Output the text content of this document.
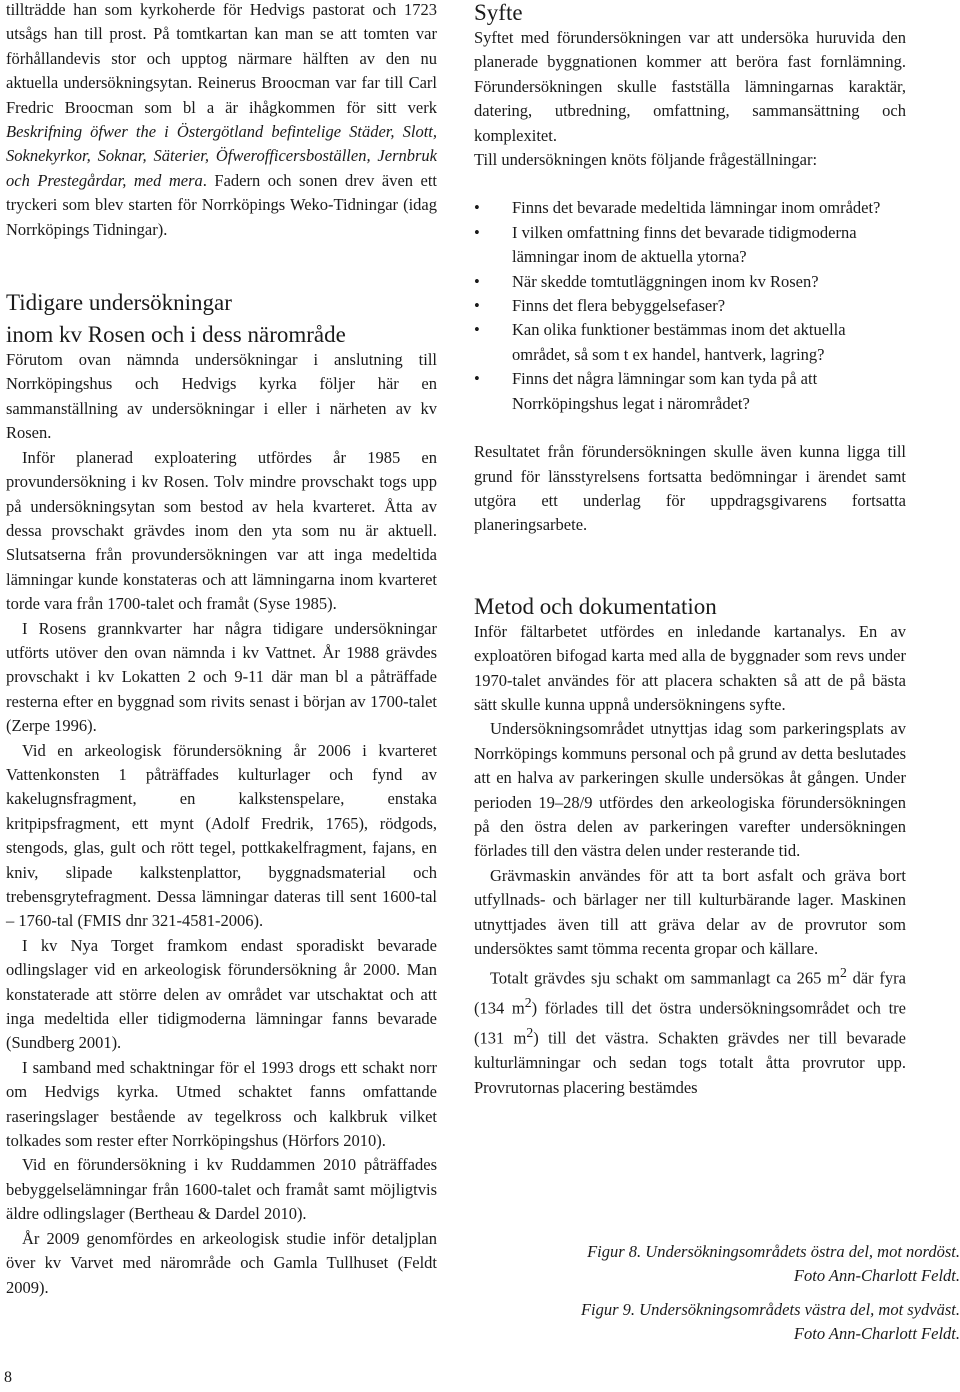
tillträdde han som kyrkoherde för Hedvigs pastorat och 1723 utsågs han till prost. På tomtkartan kan man se att tomten var förhållandevis stor och upptog närmare hälften av den nu aktuella undersökningsytan. Reinerus Broocman var far till Carl Fredric Broocman som bl a är ihågkommen för sitt verk Beskrifning öfwer the i Östergötland befintelige Städer, Slott, Soknekyrkor, Soknar, Säterier, Öfwerofficersboställen, Jernbruk och Prestegårdar, med mera. Fadern och sonen drev även ett tryckeri som blev starten för Norrköpings Weko-Tidningar (idag Norrköpings Tidningar).

Tidigare undersökningar
inom kv Rosen och i dess närområde

Förutom ovan nämnda undersökningar i anslutning till Norrköpingshus och Hedvigs kyrka följer här en sammanställning av undersökningar i eller i närheten av kv Rosen.

Inför planerad exploatering utfördes år 1985 en provundersökning i kv Rosen. Tolv mindre provschakt togs upp på undersökningsytan som bestod av hela kvarteret. Åtta av dessa provschakt grävdes inom den yta som nu är aktuell. Slutsatserna från provundersökningen var att inga medeltida lämningar kunde konstateras och att lämningarna inom kvarteret torde vara från 1700-talet och framåt (Syse 1985).

I Rosens grannkvarter har några tidigare undersökningar utförts utöver den ovan nämnda i kv Vattnet. År 1988 grävdes provschakt i kv Lokatten 2 och 9-11 där man bl a påträffade resterna efter en byggnad som rivits senast i början av 1700-talet (Zerpe 1996).

Vid en arkeologisk förundersökning år 2006 i kvarteret Vattenkonsten 1 påträffades kulturlager och fynd av kakelugnsfragment, en kalkstenspelare, enstaka kritpipsfragment, ett mynt (Adolf Fredrik, 1765), rödgods, stengods, glas, gult och rött tegel, pottkakelfragment, fajans, en kniv, slipade kalkstenplattor, byggnadsmaterial och trebensgrytefragment. Dessa lämningar dateras till sent 1600-tal – 1760-tal (FMIS dnr 321-4581-2006).

I kv Nya Torget framkom endast sporadiskt bevarade odlingslager vid en arkeologisk förundersökning år 2000. Man konstaterade att större delen av området var utschaktat och att inga medeltida eller tidigmoderna lämningar fanns bevarade (Sundberg 2001).

I samband med schaktningar för el 1993 drogs ett schakt norr om Hedvigs kyrka. Utmed schaktet fanns omfattande raseringslager bestående av tegelkross och kalkbruk vilket tolkades som rester efter Norrköpingshus (Hörfors 2010).

Vid en förundersökning i kv Ruddammen 2010 påträffades bebyggelselämningar från 1600-talet och framåt samt möjligtvis äldre odlingslager (Bertheau & Dardel 2010).

År 2009 genomfördes en arkeologisk studie inför detaljplan över kv Varvet med närområde och Gamla Tullhuset (Feldt 2009).

Syfte

Syftet med förundersökningen var att undersöka huruvida den planerade byggnationen kommer att beröra fast fornlämning. Förundersökningen skulle fastställa lämningarnas karaktär, datering, utbredning, omfattning, sammansättning och komplexitet.

Till undersökningen knöts följande frågeställningar:

• Finns det bevarade medeltida lämningar inom området?
• I vilken omfattning finns det bevarade tidigmoderna lämningar inom de aktuella ytorna?
• När skedde tomtutläggningen inom kv Rosen?
• Finns det flera bebyggelsefaser?
• Kan olika funktioner bestämmas inom det aktuella området, så som t ex handel, hantverk, lagring?
• Finns det några lämningar som kan tyda på att Norrköpingshus legat i närområdet?

Resultatet från förundersökningen skulle även kunna ligga till grund för länsstyrelsens fortsatta bedömningar i ärendet samt utgöra ett underlag för uppdragsgivarens fortsatta planeringsarbete.

Metod och dokumentation

Inför fältarbetet utfördes en inledande kartanalys. En av exploatören bifogad karta med alla de byggnader som revs under 1970-talet användes för att placera schakten så att de på bästa sätt skulle kunna uppnå undersökningens syfte.

Undersökningsområdet utnyttjas idag som parkeringsplats av Norrköpings kommuns personal och på grund av detta beslutades att en halva av parkeringen skulle undersökas åt gången. Under perioden 19–28/9 utfördes den arkeologiska förundersökningen på den östra delen av parkeringen varefter undersökningen förlades till den västra delen under resterande tid.

Grävmaskin användes för att ta bort asfalt och gräva bort utfyllnads- och bärlager ner till kulturbärande lager. Maskinen utnyttjades även till att gräva delar av de provrutor som undersöktes samt tömma recenta gropar och källare.

Totalt grävdes sju schakt om sammanlagt ca 265 $m^2$ där fyra (134 $m^2$) förlades till det östra undersökningsområdet och tre (131 $m^2$) till det västra. Schakten grävdes ner till bevarade kulturlämningar och sedan togs totalt åtta provrutor upp. Provrutornas placering bestämdes

Figur 8. Undersökningsområdets östra del, mot nordöst.
Foto Ann-Charlott Feldt.
Figur 9. Undersökningsområdets västra del, mot sydväst.
Foto Ann-Charlott Feldt.
8
